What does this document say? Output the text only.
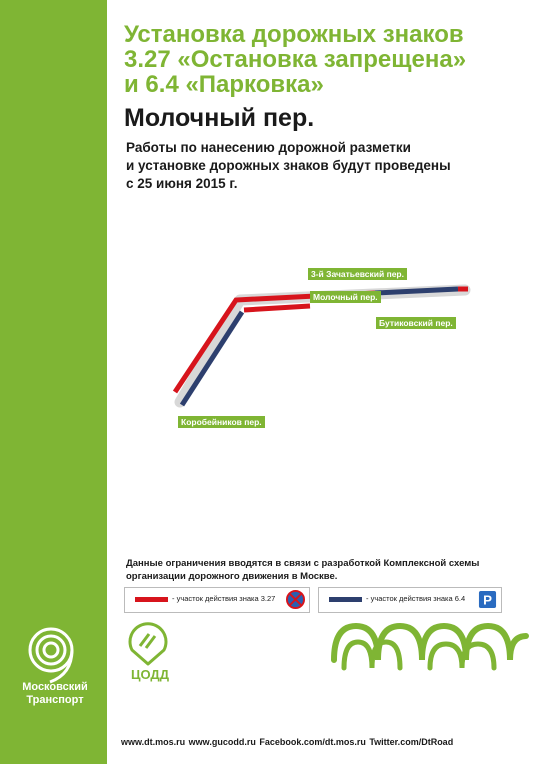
Московский
Транспорт
Установка дорожных знаков
3.27 «Остановка запрещена»
и 6.4 «Парковка»
Молочный пер.
Работы по нанесению дорожной разметки
и установке дорожных знаков будут проведены
с 25 июня 2015 г.
3-й Зачатьевский пер.
Молочный пер.
Бутиковский пер.
Коробейников пер.
Данные ограничения вводятся в связи с разработкой Комплексной схемы
организации дорожного движения в Москве.
- участок действия знака 3.27	- участок действия знака 6.4 P
ЦОДД
www.dt.mos.ru www.gucodd.ru Facebook.com/dt.mos.ru Twitter.com/DtRoad
